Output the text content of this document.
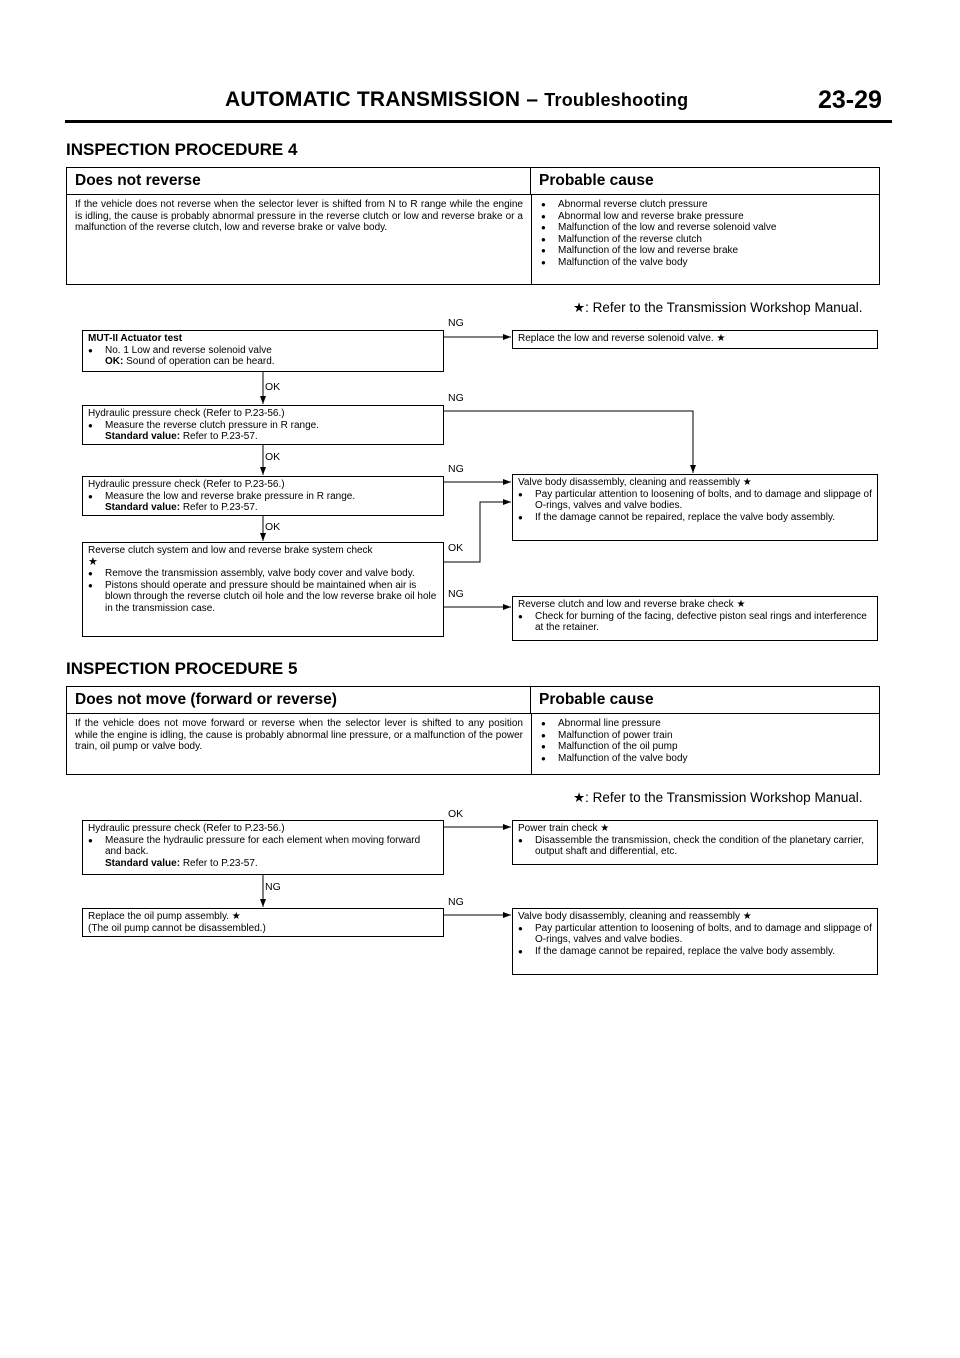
AUTOMATIC TRANSMISSION – Troubleshooting	23-29
INSPECTION PROCEDURE 4
Does not reverse	Probable cause
If the vehicle does not reverse when the selector lever is shifted from N to R range while the engine is idling, the cause is probably abnormal pressure in the reverse clutch or low and reverse brake or a malfunction of the reverse clutch, low and reverse brake or valve body.
● Abnormal reverse clutch pressure
● Abnormal low and reverse brake pressure
● Malfunction of the low and reverse solenoid valve
● Malfunction of the reverse clutch
● Malfunction of the low and reverse brake
● Malfunction of the valve body
★: Refer to the Transmission Workshop Manual.
MUT-II Actuator test
● No. 1 Low and reverse solenoid valve
OK: Sound of operation can be heard.
Replace the low and reverse solenoid valve. ★
Hydraulic pressure check (Refer to P.23-56.)
● Measure the reverse clutch pressure in R range.
Standard value: Refer to P.23-57.
Hydraulic pressure check (Refer to P.23-56.)
● Measure the low and reverse brake pressure in R range.
Standard value: Refer to P.23-57.
Valve body disassembly, cleaning and reassembly ★
● Pay particular attention to loosening of bolts, and to damage and slippage of O-rings, valves and valve bodies.
● If the damage cannot be repaired, replace the valve body assembly.
Reverse clutch system and low and reverse brake system check
★
● Remove the transmission assembly, valve body cover and valve body.
● Pistons should operate and pressure should be maintained when air is blown through the reverse clutch oil hole and the low reverse brake oil hole in the transmission case.	Reverse clutch and low and reverse brake check ★
● Check for burning of the facing, defective piston seal rings and interference at the retainer.
NG
OK
NG
OK
NG
OK
OK
NG
INSPECTION PROCEDURE 5
Does not move (forward or reverse)	Probable cause
If the vehicle does not move forward or reverse when the selector lever is shifted to any position while the engine is idling, the cause is probably abnormal line pressure, or a malfunction of the power train, oil pump or valve body.
● Abnormal line pressure
● Malfunction of power train
● Malfunction of the oil pump
● Malfunction of the valve body
★: Refer to the Transmission Workshop Manual.
Hydraulic pressure check (Refer to P.23-56.)
● Measure the hydraulic pressure for each element when moving forward and back.
Standard value: Refer to P.23-57.
Power train check ★
● Disassemble the transmission, check the condition of the planetary carrier, output shaft and differential, etc.
Replace the oil pump assembly. ★
(The oil pump cannot be disassembled.)
Valve body disassembly, cleaning and reassembly ★
● Pay particular attention to loosening of bolts, and to damage and slippage of O-rings, valves and valve bodies.
● If the damage cannot be repaired, replace the valve body assembly.
OK
NG
NG
